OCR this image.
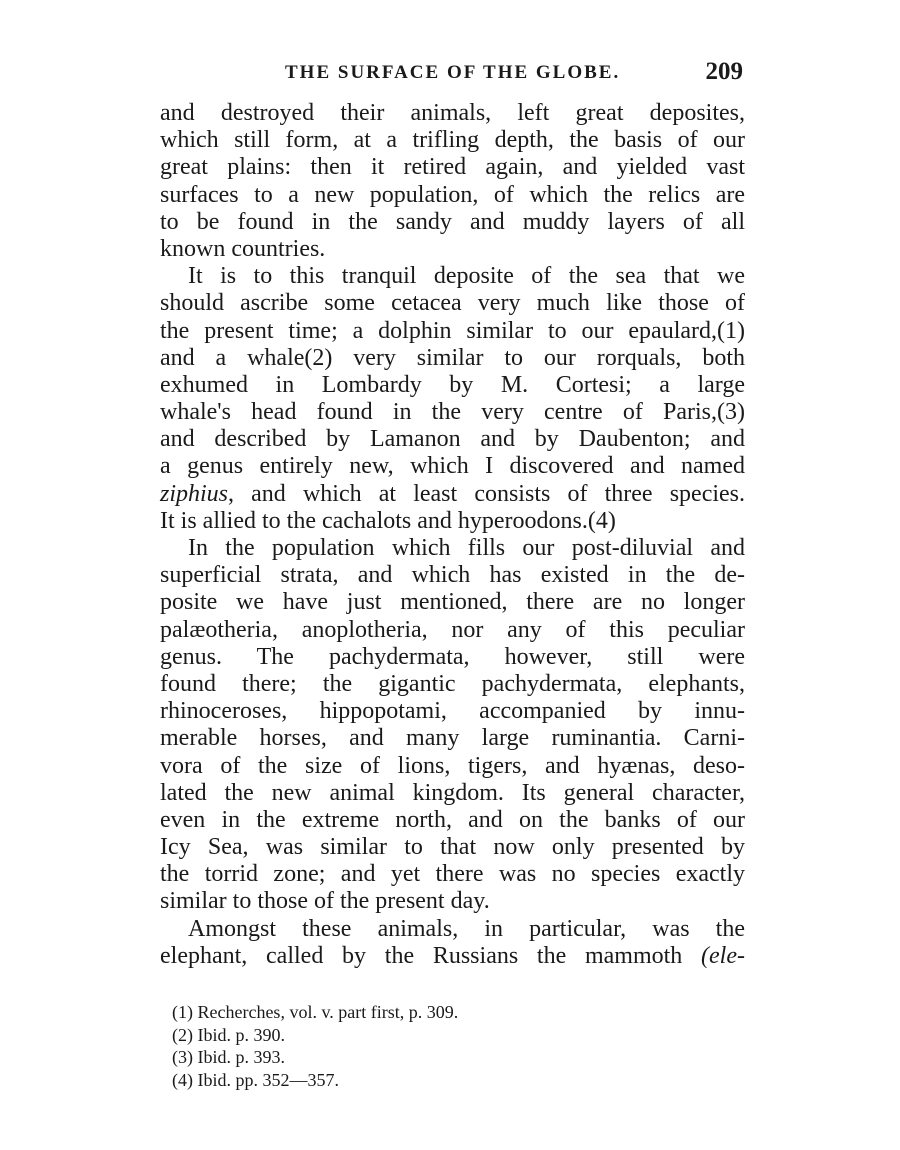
THE SURFACE OF THE GLOBE.	209
and destroyed their animals, left great deposites,
which still form, at a trifling depth, the basis of our
great plains: then it retired again, and yielded vast
surfaces to a new population, of which the relics are
to be found in the sandy and muddy layers of all
known countries.
It is to this tranquil deposite of the sea that we
should ascribe some cetacea very much like those of
the present time; a dolphin similar to our epaulard,(1)
and a whale(2) very similar to our rorquals, both
exhumed in Lombardy by M. Cortesi; a large
whale's head found in the very centre of Paris,(3)
and described by Lamanon and by Daubenton; and
a genus entirely new, which I discovered and named
ziphius, and which at least consists of three species.
It is allied to the cachalots and hyperoodons.(4)
In the population which fills our post-diluvial and
superficial strata, and which has existed in the de-
posite we have just mentioned, there are no longer
palæotheria, anoplotheria, nor any of this peculiar
genus. The pachydermata, however, still were
found there; the gigantic pachydermata, elephants,
rhinoceroses, hippopotami, accompanied by innu-
merable horses, and many large ruminantia. Carni-
vora of the size of lions, tigers, and hyænas, deso-
lated the new animal kingdom. Its general character,
even in the extreme north, and on the banks of our
Icy Sea, was similar to that now only presented by
the torrid zone; and yet there was no species exactly
similar to those of the present day.
Amongst these animals, in particular, was the
elephant, called by the Russians the mammoth (ele-
(1) Recherches, vol. v. part first, p. 309.
(2) Ibid. p. 390.
(3) Ibid. p. 393.
(4) Ibid. pp. 352—357.
